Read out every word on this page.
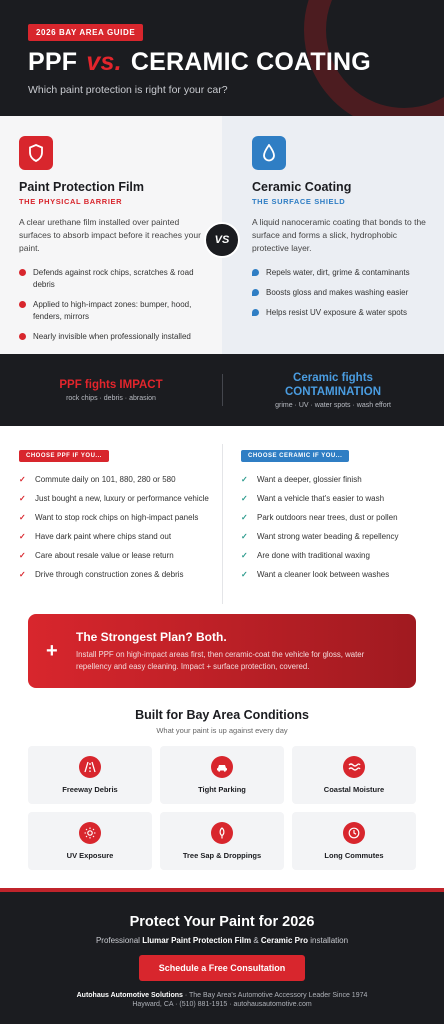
2026 BAY AREA GUIDE
PPF vs. CERAMIC COATING
Which paint protection is right for your car?
Paint Protection Film
THE PHYSICAL BARRIER
A clear urethane film installed over painted surfaces to absorb impact before it reaches your paint.
Defends against rock chips, scratches & road debris
Applied to high-impact zones: bumper, hood, fenders, mirrors
Nearly invisible when professionally installed
Ceramic Coating
THE SURFACE SHIELD
A liquid nanoceramic coating that bonds to the surface and forms a slick, hydrophobic protective layer.
Repels water, dirt, grime & contaminants
Boosts gloss and makes washing easier
Helps resist UV exposure & water spots
VS
PPF fights IMPACT
rock chips · debris · abrasion
Ceramic fights
CONTAMINATION
grime · UV · water spots · wash effort
CHOOSE PPF IF YOU...
✓ Commute daily on 101, 880, 280 or 580
✓ Just bought a new, luxury or performance vehicle
✓ Want to stop rock chips on high-impact panels
✓ Have dark paint where chips stand out
✓ Care about resale value or lease return
✓ Drive through construction zones & debris
CHOOSE CERAMIC IF YOU...
✓ Want a deeper, glossier finish
✓ Want a vehicle that's easier to wash
✓ Park outdoors near trees, dust or pollen
✓ Want strong water beading & repellency
✓ Are done with traditional waxing
✓ Want a cleaner look between washes
+
The Strongest Plan? Both.
Install PPF on high-impact areas first, then ceramic-coat the vehicle for gloss, water repellency and easy cleaning. Impact + surface protection, covered.
Built for Bay Area Conditions
What your paint is up against every day
Freeway Debris	Tight Parking	Coastal Moisture
UV Exposure	Tree Sap & Droppings	Long Commutes
Protect Your Paint for 2026
Professional Llumar Paint Protection Film & Ceramic Pro installation
Schedule a Free Consultation
Autohaus Automotive Solutions · The Bay Area's Automotive Accessory Leader Since 1974
Hayward, CA · (510) 881-1915 · autohausautomotive.com
